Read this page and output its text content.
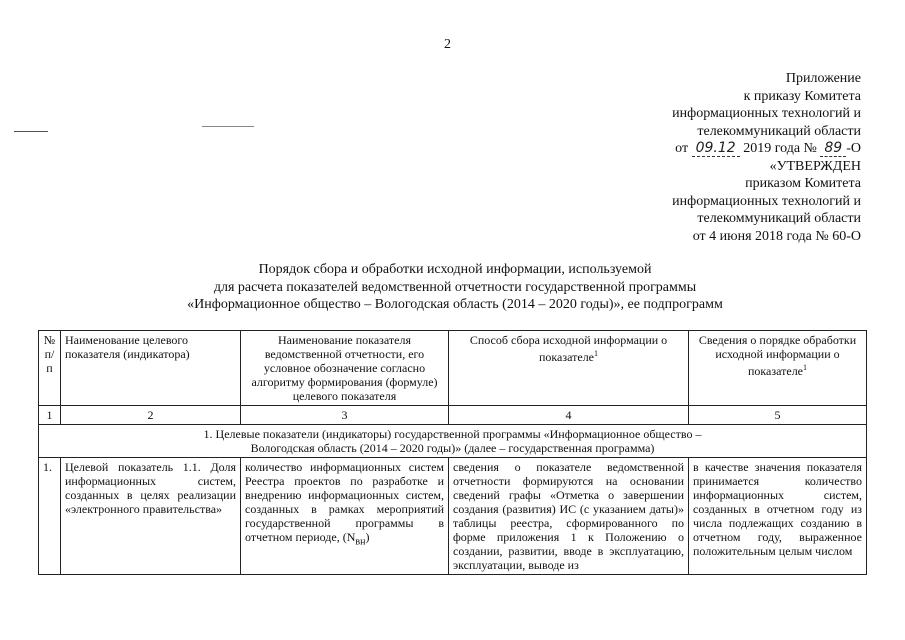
2
Приложение
к приказу Комитета
информационных технологий и
телекоммуникаций области
от 09.12 2019 года № 89 -О
«УТВЕРЖДЕН
приказом Комитета
информационных технологий и
телекоммуникаций области
от 4 июня 2018 года № 60-О
Порядок сбора и обработки исходной информации, используемой
для расчета показателей ведомственной отчетности государственной программы
«Информационное общество – Вологодская область (2014 – 2020 годы)», ее подпрограмм
№ п/п	Наименование целевого показателя (индикатора)	Наименование показателя ведомственной отчетности, его условное обозначение согласно алгоритму формирования (формуле) целевого показателя	Способ сбора исходной информации о показателе$^1$	Сведения о порядке обработки исходной информации о показателе$^1$
1	2	3	4	5
1. Целевые показатели (индикаторы) государственной программы «Информационное общество –
Вологодская область (2014 – 2020 годы)» (далее – государственная программа)				
1.	Целевой показатель 1.1. Доля информационных систем, созданных в целях реализации «электронного правительства»	количество информационных систем Реестра проектов по разработке и внедрению информационных систем, созданных в рамках мероприятий государственной программы в отчетном периоде, $(N_{вн})$	сведения о показателе ведомственной отчетности формируются на основании сведений графы «Отметка о завершении создания (развития) ИС (с указанием даты)» таблицы реестра, сформированного по форме приложения 1 к Положению о создании, развитии, вводе в эксплуатацию, эксплуатации, выводе из	в качестве значения показателя принимается количество информационных систем, созданных в отчетном году из числа подлежащих созданию в отчетном году, выраженное положительным целым числом
